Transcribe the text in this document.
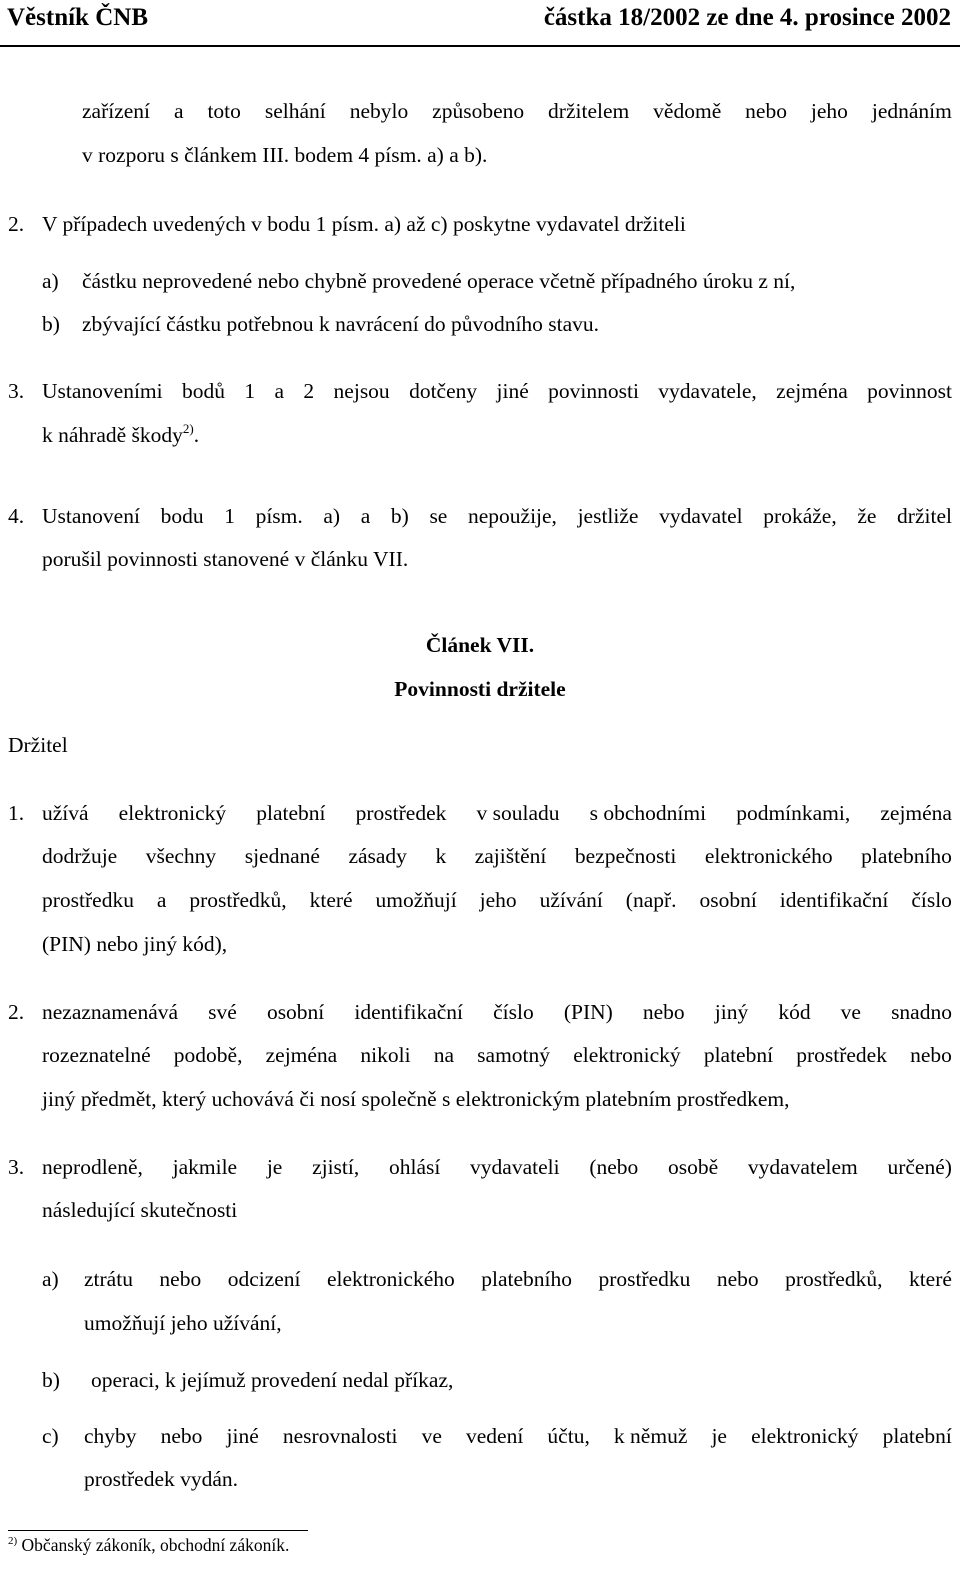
Věstník ČNB	částka 18/2002 ze dne 4. prosince 2002
zařízení a toto selhání nebylo způsobeno držitelem vědomě nebo jeho jednáním
v rozporu s článkem III. bodem 4 písm. a) a b).
2. V případech uvedených v bodu 1 písm. a) až c) poskytne vydavatel držiteli
a) částku neprovedené nebo chybně provedené operace včetně případného úroku z ní,
b) zbývající částku potřebnou k navrácení do původního stavu.
3. Ustanoveními bodů 1 a 2 nejsou dotčeny jiné povinnosti vydavatele, zejména povinnost
k náhradě škody$^{2)}$.
4. Ustanovení bodu 1 písm. a) a b) se nepoužije, jestliže vydavatel prokáže, že držitel
porušil povinnosti stanovené v článku VII.
Článek VII.
Povinnosti držitele
Držitel
1. užívá elektronický platební prostředek v souladu s obchodními podmínkami, zejména
dodržuje všechny sjednané zásady k zajištění bezpečnosti elektronického platebního
prostředku a prostředků, které umožňují jeho užívání (např. osobní identifikační číslo
(PIN) nebo jiný kód),
2. nezaznamenává své osobní identifikační číslo (PIN) nebo jiný kód ve snadno
rozeznatelné podobě, zejména nikoli na samotný elektronický platební prostředek nebo
jiný předmět, který uchovává či nosí společně s elektronickým platebním prostředkem,
3. neprodleně, jakmile je zjistí, ohlásí vydavateli (nebo osobě vydavatelem určené)
následující skutečnosti
a) ztrátu nebo odcizení elektronického platebního prostředku nebo prostředků, které
umožňují jeho užívání,
b) operaci, k jejímuž provedení nedal příkaz,
c) chyby nebo jiné nesrovnalosti ve vedení účtu, k němuž je elektronický platební
prostředek vydán.
$^{2)}$ Občanský zákoník, obchodní zákoník.
